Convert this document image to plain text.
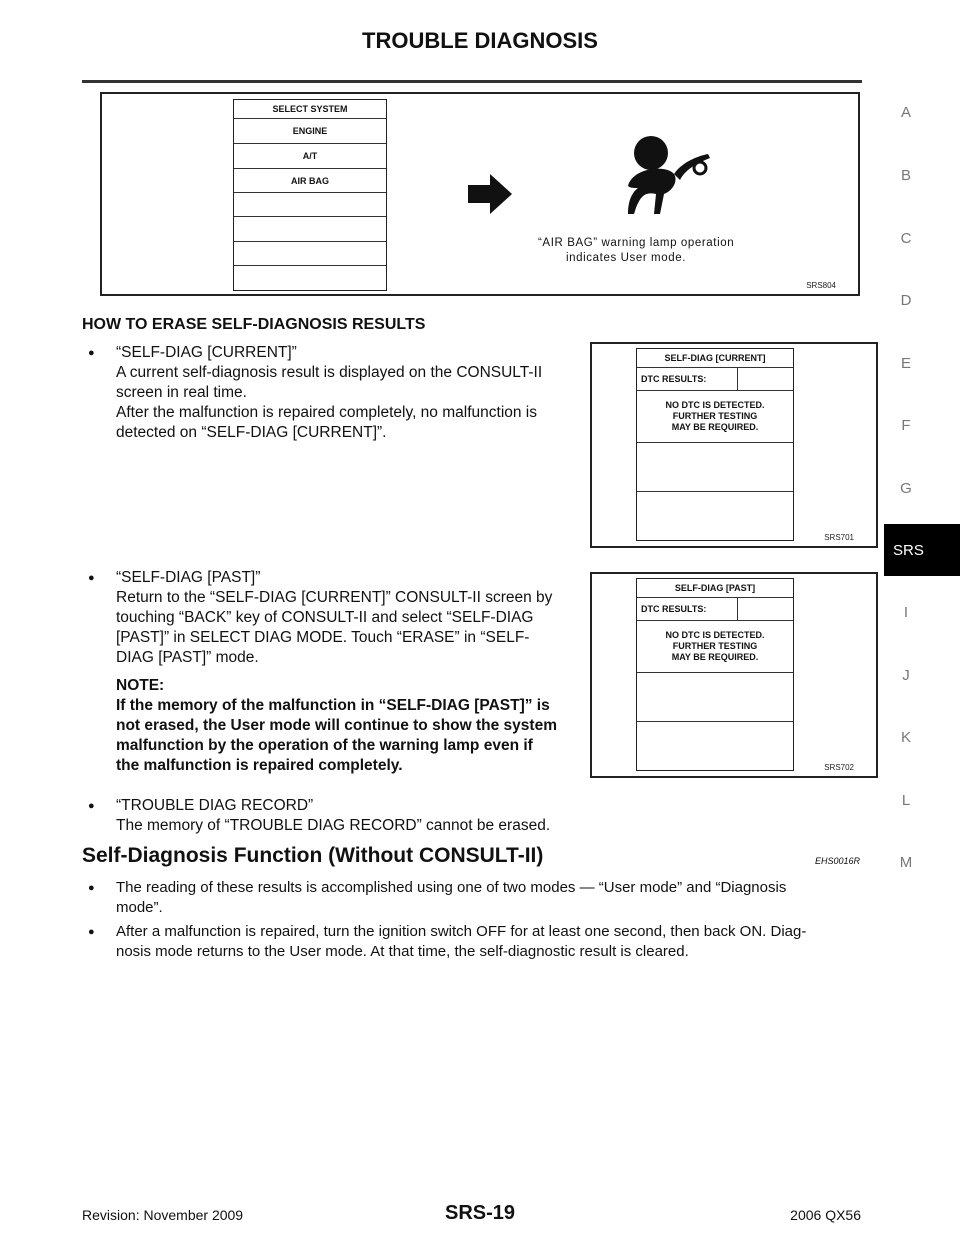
TROUBLE DIAGNOSIS
A
B
C
D
E
F
G
SRS
I
J
K
L
M
SELECT SYSTEM
ENGINE
A/T
AIR BAG
“AIR BAG” warning lamp operation
indicates User mode.
SRS804
HOW TO ERASE SELF-DIAGNOSIS RESULTS
● “SELF-DIAG [CURRENT]”
A current self-diagnosis result is displayed on the CONSULT-II
screen in real time.
After the malfunction is repaired completely, no malfunction is
detected on “SELF-DIAG [CURRENT]”.
SELF-DIAG [CURRENT]
DTC RESULTS:
NO DTC IS DETECTED.
FURTHER TESTING
MAY BE REQUIRED.
SRS701
● “SELF-DIAG [PAST]”
Return to the “SELF-DIAG [CURRENT]” CONSULT-II screen by
touching “BACK” key of CONSULT-II and select “SELF-DIAG
[PAST]” in SELECT DIAG MODE. Touch “ERASE” in “SELF-
DIAG [PAST]” mode.
NOTE:
If the memory of the malfunction in “SELF-DIAG [PAST]” is
not erased, the User mode will continue to show the system
malfunction by the operation of the warning lamp even if
the malfunction is repaired completely.
SELF-DIAG [PAST]
DTC RESULTS:
NO DTC IS DETECTED.
FURTHER TESTING
MAY BE REQUIRED.
SRS702
● “TROUBLE DIAG RECORD”
The memory of “TROUBLE DIAG RECORD” cannot be erased.
Self-Diagnosis Function (Without CONSULT-II)	EHS0016R
● The reading of these results is accomplished using one of two modes — “User mode” and “Diagnosis
mode”.
● After a malfunction is repaired, turn the ignition switch OFF for at least one second, then back ON. Diag-
nosis mode returns to the User mode. At that time, the self-diagnostic result is cleared.
Revision: November 2009	SRS-19	2006 QX56
